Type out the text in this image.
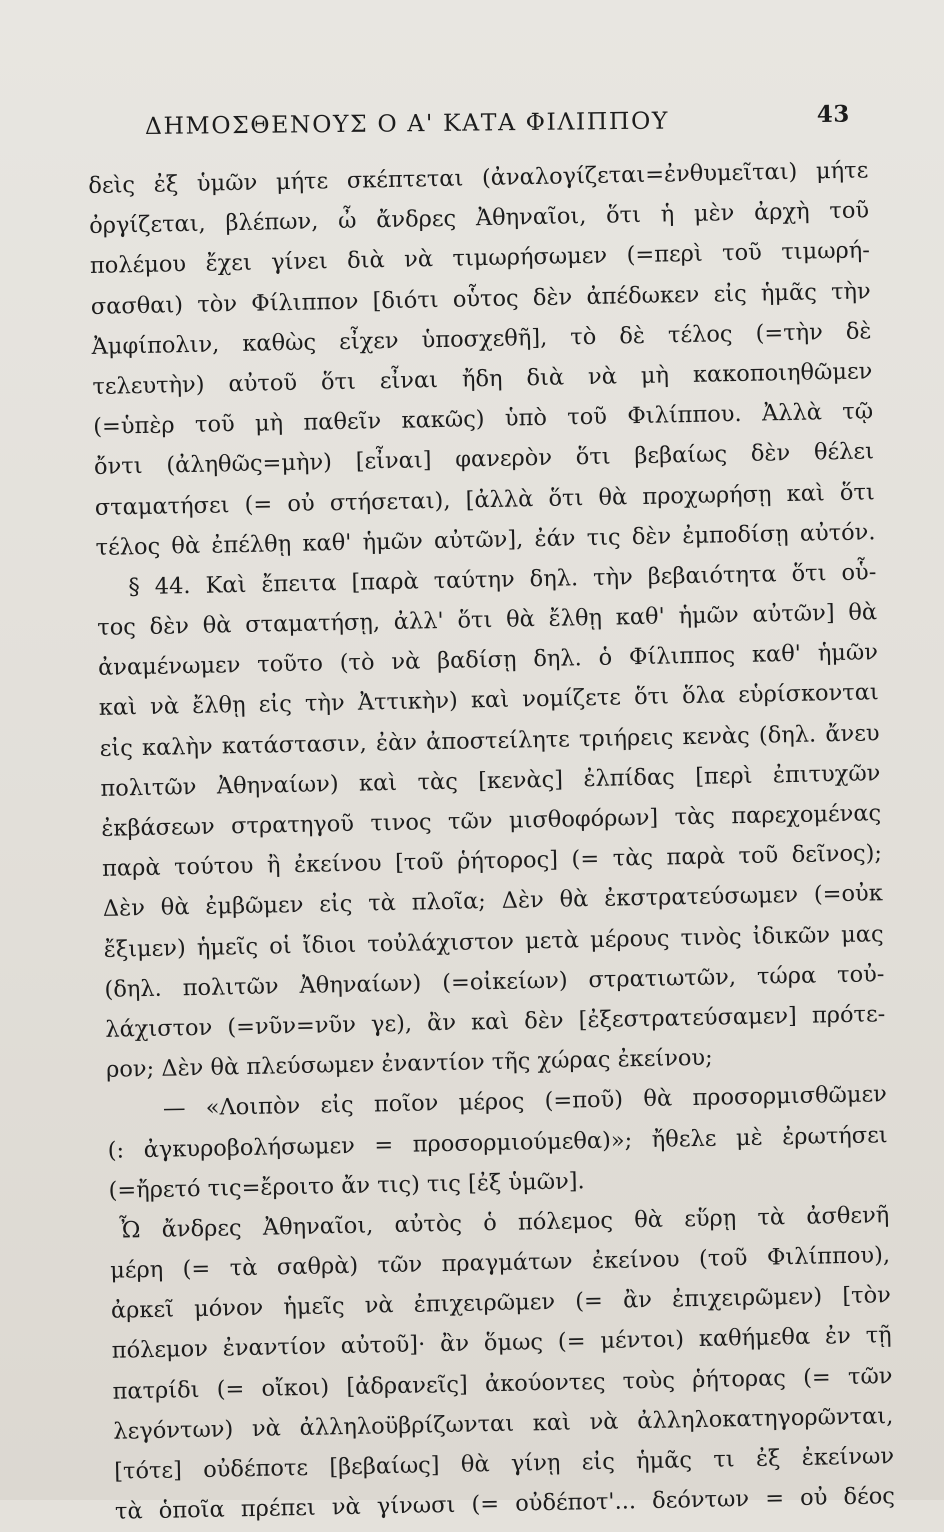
ΔΗΜΟΣΘΕΝΟΥΣ Ο Α' ΚΑΤΑ ΦΙΛΙΠΠΟΥ	43
δεὶς ἐξ ὑμῶν μήτε σκέπτεται (ἀναλογίζεται=ἐνθυμεῖται) μήτε
ὀργίζεται, βλέπων, ὦ ἄνδρες Ἀθηναῖοι, ὅτι ἡ μὲν ἀρχὴ τοῦ
πολέμου ἔχει γίνει διὰ νὰ τιμωρήσωμεν (=περὶ τοῦ τιμωρή-
σασθαι) τὸν Φίλιππον [διότι οὗτος δὲν ἀπέδωκεν εἰς ἡμᾶς τὴν
Ἀμφίπολιν, καθὼς εἶχεν ὑποσχεθῆ], τὸ δὲ τέλος (=τὴν δὲ
τελευτὴν) αὐτοῦ ὅτι εἶναι ἤδη διὰ νὰ μὴ κακοποιηθῶμεν
(=ὑπὲρ τοῦ μὴ παθεῖν κακῶς) ὑπὸ τοῦ Φιλίππου. Ἀλλὰ τῷ
ὄντι (ἀληθῶς=μὴν) [εἶναι] φανερὸν ὅτι βεβαίως δὲν θέλει
σταματήσει (= οὐ στήσεται), [ἀλλὰ ὅτι θὰ προχωρήσῃ καὶ ὅτι
τέλος θὰ ἐπέλθῃ καθ' ἡμῶν αὐτῶν], ἐάν τις δὲν ἐμποδίσῃ αὐτόν.
§ 44. Καὶ ἔπειτα [παρὰ ταύτην δηλ. τὴν βεβαιότητα ὅτι οὗ-
τος δὲν θὰ σταματήσῃ, ἀλλ' ὅτι θὰ ἔλθῃ καθ' ἡμῶν αὐτῶν] θὰ
ἀναμένωμεν τοῦτο (τὸ νὰ βαδίσῃ δηλ. ὁ Φίλιππος καθ' ἡμῶν
καὶ νὰ ἔλθῃ εἰς τὴν Ἀττικὴν) καὶ νομίζετε ὅτι ὅλα εὑρίσκονται
εἰς καλὴν κατάστασιν, ἐὰν ἀποστείλητε τριήρεις κενὰς (δηλ. ἄνευ
πολιτῶν Ἀθηναίων) καὶ τὰς [κενὰς] ἐλπίδας [περὶ ἐπιτυχῶν
ἐκβάσεων στρατηγοῦ τινος τῶν μισθοφόρων] τὰς παρεχομένας
παρὰ τούτου ἢ ἐκείνου [τοῦ ῥήτορος] (= τὰς παρὰ τοῦ δεῖνος);
Δὲν θὰ ἐμβῶμεν εἰς τὰ πλοῖα; Δὲν θὰ ἐκστρατεύσωμεν (=οὐκ
ἔξιμεν) ἡμεῖς οἱ ἴδιοι τοὐλάχιστον μετὰ μέρους τινὸς ἰδικῶν μας
(δηλ. πολιτῶν Ἀθηναίων) (=οἰκείων) στρατιωτῶν, τώρα τοὐ-
λάχιστον (=νῦν=νῦν γε), ἂν καὶ δὲν [ἐξεστρατεύσαμεν] πρότε-
ρον; Δὲν θὰ πλεύσωμεν ἐναντίον τῆς χώρας ἐκείνου;
— «Λοιπὸν εἰς ποῖον μέρος (=ποῦ) θὰ προσορμισθῶμεν
(: ἀγκυροβολήσωμεν = προσορμιούμεθα)»; ἤθελε μὲ ἐρωτήσει
(=ἤρετό τις=ἔροιτο ἄν τις) τις [ἐξ ὑμῶν].
Ὦ ἄνδρες Ἀθηναῖοι, αὐτὸς ὁ πόλεμος θὰ εὕρῃ τὰ ἀσθενῆ
μέρη (= τὰ σαθρὰ) τῶν πραγμάτων ἐκείνου (τοῦ Φιλίππου),
ἀρκεῖ μόνον ἡμεῖς νὰ ἐπιχειρῶμεν (= ἂν ἐπιχειρῶμεν) [τὸν
πόλεμον ἐναντίον αὐτοῦ]· ἂν ὅμως (= μέντοι) καθήμεθα ἐν τῇ
πατρίδι (= οἴκοι) [ἀδρανεῖς] ἀκούοντες τοὺς ῥήτορας (= τῶν
λεγόντων) νὰ ἀλληλοϋβρίζωνται καὶ νὰ ἀλληλοκατηγορῶνται,
[τότε] οὐδέποτε [βεβαίως] θὰ γίνῃ εἰς ἡμᾶς τι ἐξ ἐκείνων
τὰ ὁποῖα πρέπει νὰ γίνωσι (= οὐδέποτ'... δεόντων = οὐ δέος
